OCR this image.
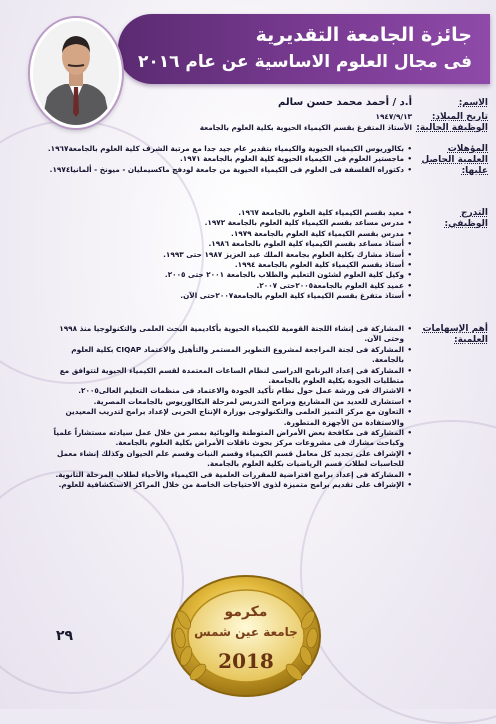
جائزة الجامعة التقديرية
فى مجال العلوم الاساسية عن عام ٢٠١٦
الاسم:
أ.د / أحمد محمد حسن سالم
تاريخ الميلاد:
١٩٤٧/٩/١٣
الوظيفة الحالية:
الأستاذ المتفرغ بقسم الكيمياء الحيوية بكلية العلوم بالجامعة
المؤهلات العلمية الحاصل عليها:
• بكالوريوس الكيمياء الحيوية والكيمياء بتقدير عام جيد جدا مع مرتبة الشرف كلية العلوم بالجامعة١٩٦٧.
• ماجستير العلوم فى الكيمياء الحيوية كلية العلوم بالجامعة ١٩٧١.
• دكتوراه الفلسفة فى العلوم فى الكيمياء الحيوية من جامعة لودفج ماكسيمليان - ميونخ - ألمانيا١٩٧٤.
التدرج الوظيفي:
• معيد بقسم الكيمياء كلية العلوم بالجامعة ١٩٦٧.
• مدرس مساعد بقسم الكيمياء كلية العلوم بالجامعة ١٩٧٢.
• مدرس بقسم الكيمياء كلية العلوم بالجامعة ١٩٧٩.
• أستاذ مساعد بقسم الكيمياء كلية العلوم بالجامعة ١٩٨٦.
• أستاذ مشارك بكلية العلوم بجامعة الملك عبد العزيز ١٩٨٧ حتى ١٩٩٣.
• أستاذ بقسم الكيمياء كلية العلوم بالجامعة ١٩٩٤.
• وكيل كلية العلوم لشئون التعليم والطلاب بالجامعة ٢٠٠١ حتى ٢٠٠٥.
• عميد كلية العلوم بالجامعة٢٠٠٥حتى ٢٠٠٧.
• أستاذ متفرغ بقسم الكيمياء كلية العلوم بالجامعة٢٠٠٧حتى الآن.
أهم الإسهامات العلمية:
• المشاركة فى إنشاء اللجنة القومية للكيمياء الحيوية بأكاديمية البحث العلمى والتكنولوجيا منذ ١٩٩٨ وحتى الآن.
• المشاركة فى لجنة المراجعة لمشروع التطوير المستمر والتأهيل والاعتماد CIQAP بكلية العلوم بالجامعة.
• المشاركة فى إعداد البرنامج الدراسى لنظام الساعات المعتمدة لقسم الكيمياء الحيوية لتتوافق مع متطلبات الجودة بكلية العلوم بالجامعة.
• الاشتراك فى ورشة عمل حول نظام تأكيد الجودة والاعتماد فى منظمات التعليم العالى٢٠٠٥.
• استشارى للعديد من المشاريع وبرامج التدريس لمرحلة البكالوريوس بالجامعات المصرية.
• التعاون مع مركز التميز العلمى والتكنولوجى بوزارة الإنتاج الحربى لإعداد برامج لتدريب المعيدين والاستفادة من الأجهزة المتطورة.
• المشاركة فى مكافحة بعض الأمراض المتوطنة والوبائية بمصر من خلال عمل سيادته مستشاراً علمياً وكباحث مشارك فى مشروعات مركز بحوث ناقلات الأمراض بكلية العلوم بالجامعة.
• الإشراف على تجديد كل معامل قسم الكيمياء وقسم النبات وقسم علم الحيوان وكذلك إنشاء معمل للحاسبات لطلاب قسم الرياضيات بكلية العلوم بالجامعة.
• المشاركة فى إعداد برامج افتراضية للمقررات العلمية فى الكيمياء والأحياء لطلاب المرحلة الثانوية.
• الإشراف على تقديم برامج متميزة لذوى الاحتياجات الخاصة من خلال المراكز الاستكشافية للعلوم.
٢٩
مكرمو
جامعة عين شمس
2018
